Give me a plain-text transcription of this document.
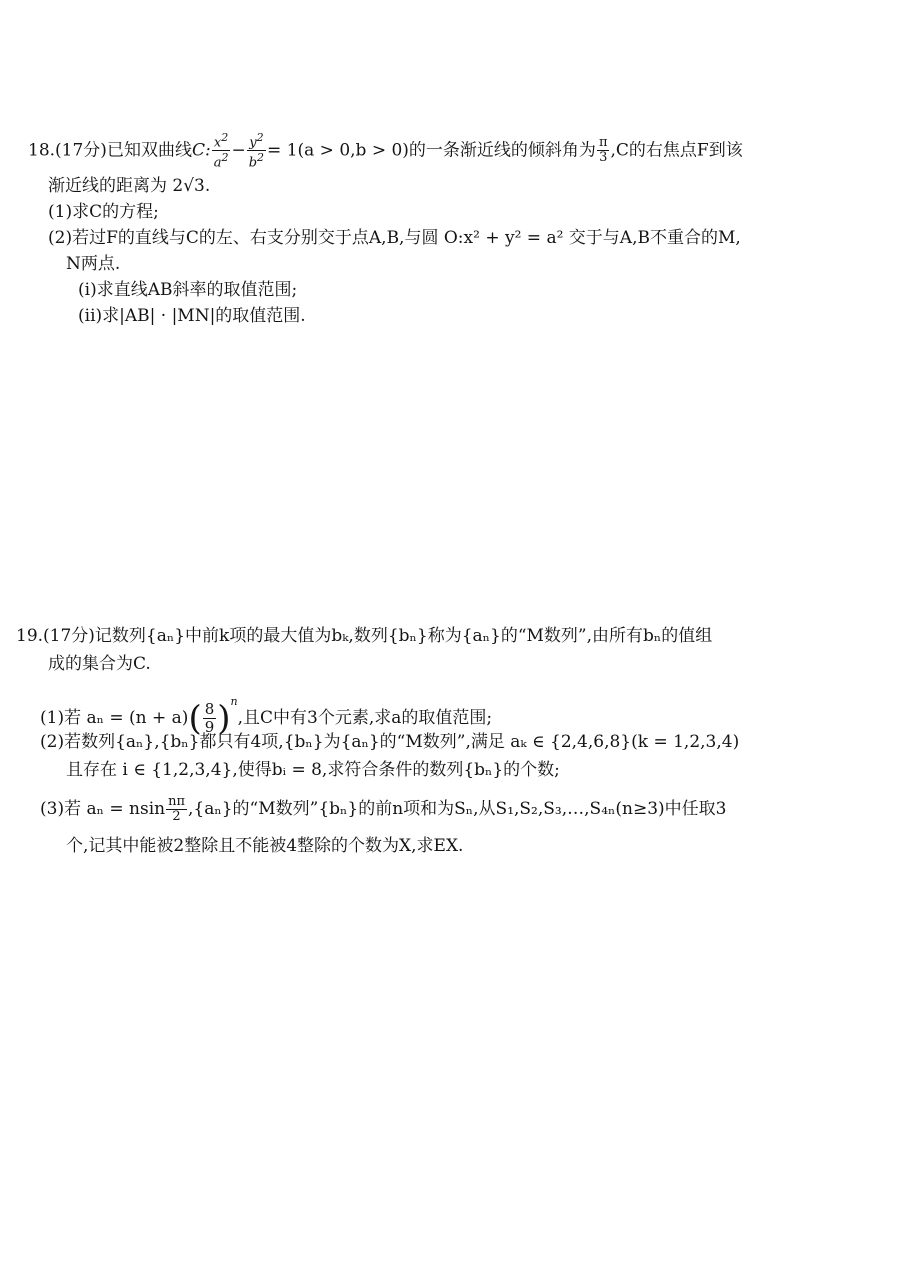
18.(17分)已知双曲线C: $\frac{x^2}{a^2} - \frac{y^2}{b^2} = 1(a > 0,b > 0)$的一条渐近线的倾斜角为 $\frac{\pi}{3} ,C$的右焦点F到该
渐近线的距离为 2√3.
(1)求C的方程;
(2)若过F的直线与C的左、右支分别交于点A,B,与圆 O:x² + y² = a² 交于与A,B不重合的M,
N两点.
(i)求直线AB斜率的取值范围;
(ii)求|AB| · |MN|的取值范围.
19.(17分)记数列{aₙ}中前k项的最大值为bₖ,数列{bₙ}称为{aₙ}的“M数列”,由所有bₙ的值组
成的集合为C.
(1)若 $a_n = (n + a)( \frac{8}{9} )^n$,且C中有3个元素,求a的取值范围;
(2)若数列{aₙ},{bₙ}都只有4项,{bₙ}为{aₙ}的“M数列”,满足 aₖ ∈ {2,4,6,8}(k = 1,2,3,4)
且存在 i ∈ {1,2,3,4},使得bᵢ = 8,求符合条件的数列{bₙ}的个数;
(3)若 aₙ = nsin $\frac{n\pi}{2} ,\{a_n\}$的“M数列”{bₙ}的前n项和为Sₙ,从S₁,S₂,S₃,…,S₄ₙ(n≥3)中任取3
个,记其中能被2整除且不能被4整除的个数为X,求EX.
